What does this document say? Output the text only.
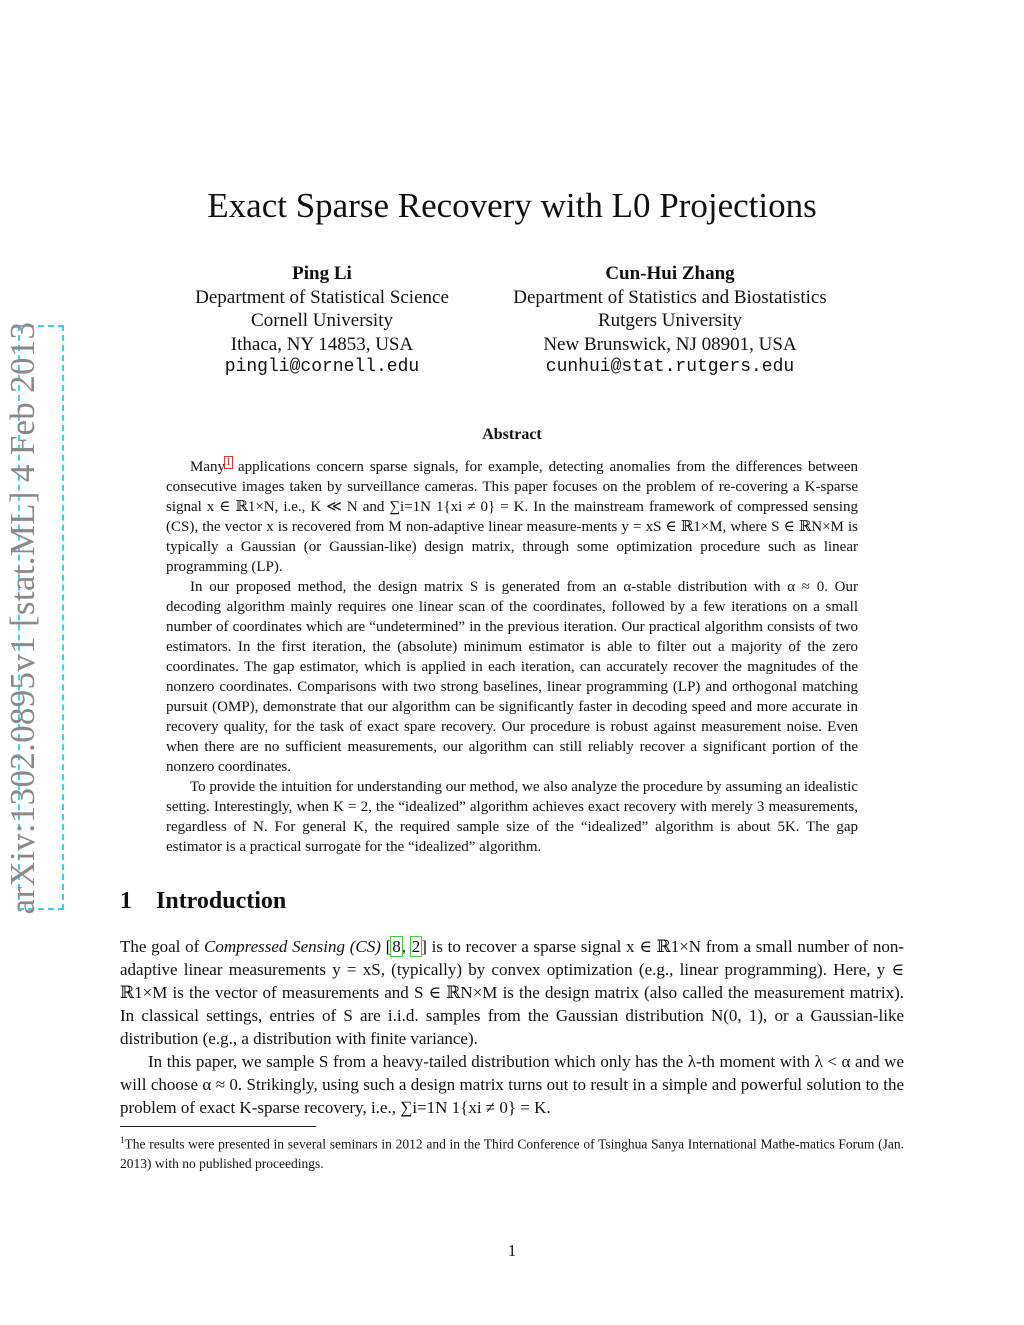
arXiv:1302.0895v1 [stat.ML] 4 Feb 2013
Exact Sparse Recovery with L0 Projections
Ping Li
Department of Statistical Science
Cornell University
Ithaca, NY 14853, USA
pingli@cornell.edu
Cun-Hui Zhang
Department of Statistics and Biostatistics
Rutgers University
New Brunswick, NJ 08901, USA
cunhui@stat.rutgers.edu
Abstract

Many$^1$ applications concern sparse signals, for example, detecting anomalies from the differences between consecutive images taken by surveillance cameras. This paper focuses on the problem of re-covering a K-sparse signal x ∈ ℝ1×N, i.e., K ≪ N and ∑i=1N 1{xi ≠ 0} = K. In the mainstream framework of compressed sensing (CS), the vector x is recovered from M non-adaptive linear measure-ments y = xS ∈ ℝ1×M, where S ∈ ℝN×M is typically a Gaussian (or Gaussian-like) design matrix, through some optimization procedure such as linear programming (LP).

In our proposed method, the design matrix S is generated from an α-stable distribution with α ≈ 0. Our decoding algorithm mainly requires one linear scan of the coordinates, followed by a few iterations on a small number of coordinates which are “undetermined” in the previous iteration. Our practical algorithm consists of two estimators. In the first iteration, the (absolute) minimum estimator is able to filter out a majority of the zero coordinates. The gap estimator, which is applied in each iteration, can accurately recover the magnitudes of the nonzero coordinates. Comparisons with two strong baselines, linear programming (LP) and orthogonal matching pursuit (OMP), demonstrate that our algorithm can be significantly faster in decoding speed and more accurate in recovery quality, for the task of exact spare recovery. Our procedure is robust against measurement noise. Even when there are no sufficient measurements, our algorithm can still reliably recover a significant portion of the nonzero coordinates.

To provide the intuition for understanding our method, we also analyze the procedure by assuming an idealistic setting. Interestingly, when K = 2, the “idealized” algorithm achieves exact recovery with merely 3 measurements, regardless of N. For general K, the required sample size of the “idealized” algorithm is about 5K. The gap estimator is a practical surrogate for the “idealized” algorithm.

1 Introduction

The goal of Compressed Sensing (CS) [8, 2] is to recover a sparse signal x ∈ ℝ1×N from a small number of non-adaptive linear measurements y = xS, (typically) by convex optimization (e.g., linear programming). Here, y ∈ ℝ1×M is the vector of measurements and S ∈ ℝN×M is the design matrix (also called the measurement matrix). In classical settings, entries of S are i.i.d. samples from the Gaussian distribution N(0, 1), or a Gaussian-like distribution (e.g., a distribution with finite variance).

In this paper, we sample S from a heavy-tailed distribution which only has the λ-th moment with λ < α and we will choose α ≈ 0. Strikingly, using such a design matrix turns out to result in a simple and powerful solution to the problem of exact K-sparse recovery, i.e., ∑i=1N 1{xi ≠ 0} = K.

$^1$The results were presented in several seminars in 2012 and in the Third Conference of Tsinghua Sanya International Mathe-matics Forum (Jan. 2013) with no published proceedings.
1
